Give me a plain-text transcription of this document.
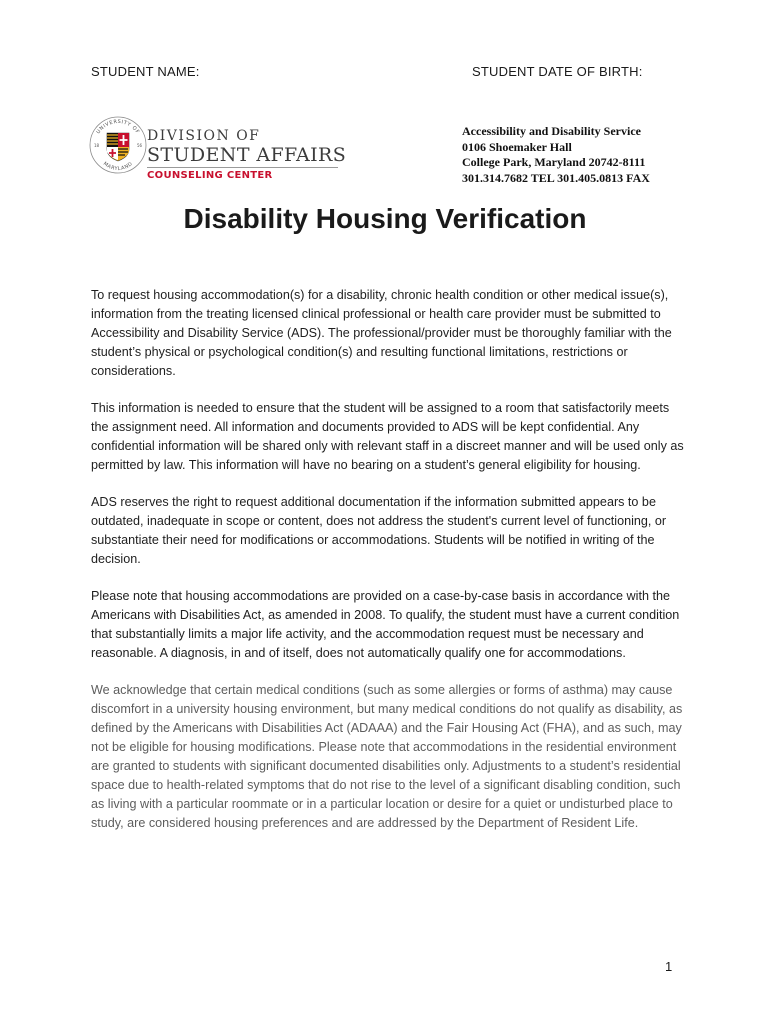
STUDENT NAME:	STUDENT DATE OF BIRTH:
UNIVERSITY OF
MARYLAND
18	56
DIVISION OF
STUDENT AFFAIRS
COUNSELING CENTER
Accessibility and Disability Service
0106 Shoemaker Hall
College Park, Maryland 20742-8111
301.314.7682 TEL 301.405.0813 FAX
Disability Housing Verification

To request housing accommodation(s) for a disability, chronic health condition or other medical issue(s), information from the treating licensed clinical professional or health care provider must be submitted to Accessibility and Disability Service (ADS). The professional/provider must be thoroughly familiar with the student’s physical or psychological condition(s) and resulting functional limitations, restrictions or considerations.

This information is needed to ensure that the student will be assigned to a room that satisfactorily meets the assignment need. All information and documents provided to ADS will be kept confidential. Any confidential information will be shared only with relevant staff in a discreet manner and will be used only as permitted by law. This information will have no bearing on a student’s general eligibility for housing.

ADS reserves the right to request additional documentation if the information submitted appears to be outdated, inadequate in scope or content, does not address the student's current level of functioning, or substantiate their need for modifications or accommodations. Students will be notified in writing of the decision.

Please note that housing accommodations are provided on a case-by-case basis in accordance with the Americans with Disabilities Act, as amended in 2008. To qualify, the student must have a current condition that substantially limits a major life activity, and the accommodation request must be necessary and reasonable. A diagnosis, in and of itself, does not automatically qualify one for accommodations.

We acknowledge that certain medical conditions (such as some allergies or forms of asthma) may cause discomfort in a university housing environment, but many medical conditions do not qualify as disability, as defined by the Americans with Disabilities Act (ADAAA) and the Fair Housing Act (FHA), and as such, may not be eligible for housing modifications. Please note that accommodations in the residential environment are granted to students with significant documented disabilities only. Adjustments to a student’s residential space due to health-related symptoms that do not rise to the level of a significant disabling condition, such as living with a particular roommate or in a particular location or desire for a quiet or undisturbed place to study, are considered housing preferences and are addressed by the Department of Resident Life.

1
